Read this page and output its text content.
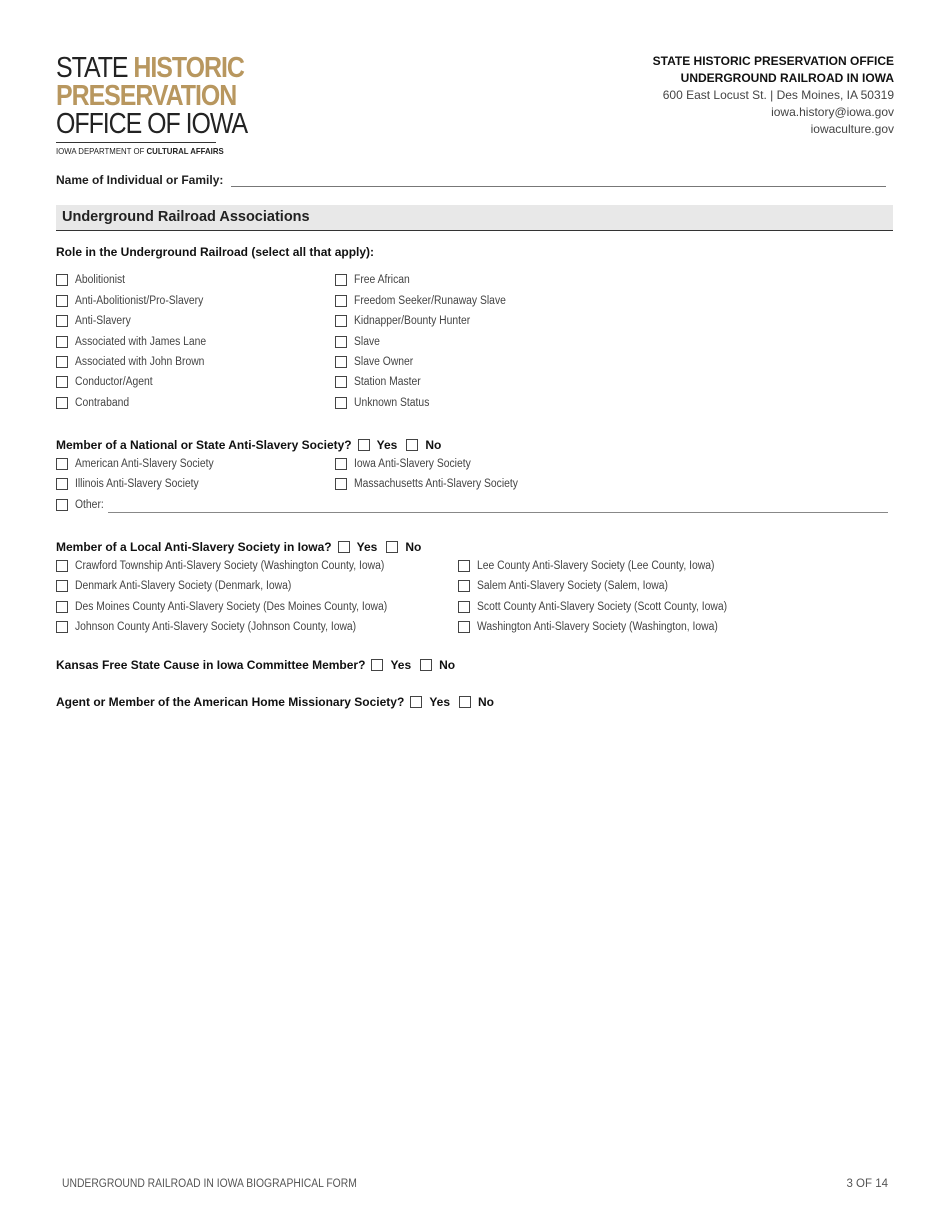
STATE HISTORIC
PRESERVATION
OFFICE OF IOWA
IOWA DEPARTMENT OF CULTURAL AFFAIRS
STATE HISTORIC PRESERVATION OFFICE
UNDERGROUND RAILROAD IN IOWA
600 East Locust St. | Des Moines, IA 50319
iowa.history@iowa.gov
iowaculture.gov
Name of Individual or Family:
Underground Railroad Associations
Role in the Underground Railroad (select all that apply):
Abolitionist
Anti-Abolitionist/Pro-Slavery
Anti-Slavery
Associated with James Lane
Associated with John Brown
Conductor/Agent
Contraband
Free African
Freedom Seeker/Runaway Slave
Kidnapper/Bounty Hunter
Slave
Slave Owner
Station Master
Unknown Status
Member of a National or State Anti-Slavery Society? Yes No
American Anti-Slavery Society
Illinois Anti-Slavery Society
Iowa Anti-Slavery Society
Massachusetts Anti-Slavery Society
Other:
Member of a Local Anti-Slavery Society in Iowa? Yes No
Crawford Township Anti-Slavery Society (Washington County, Iowa)
Denmark Anti-Slavery Society (Denmark, Iowa)
Des Moines County Anti-Slavery Society (Des Moines County, Iowa)
Johnson County Anti-Slavery Society (Johnson County, Iowa)
Lee County Anti-Slavery Society (Lee County, Iowa)
Salem Anti-Slavery Society (Salem, Iowa)
Scott County Anti-Slavery Society (Scott County, Iowa)
Washington Anti-Slavery Society (Washington, Iowa)
Kansas Free State Cause in Iowa Committee Member? Yes No
Agent or Member of the American Home Missionary Society? Yes No
UNDERGROUND RAILROAD IN IOWA BIOGRAPHICAL FORM	3 OF 14
